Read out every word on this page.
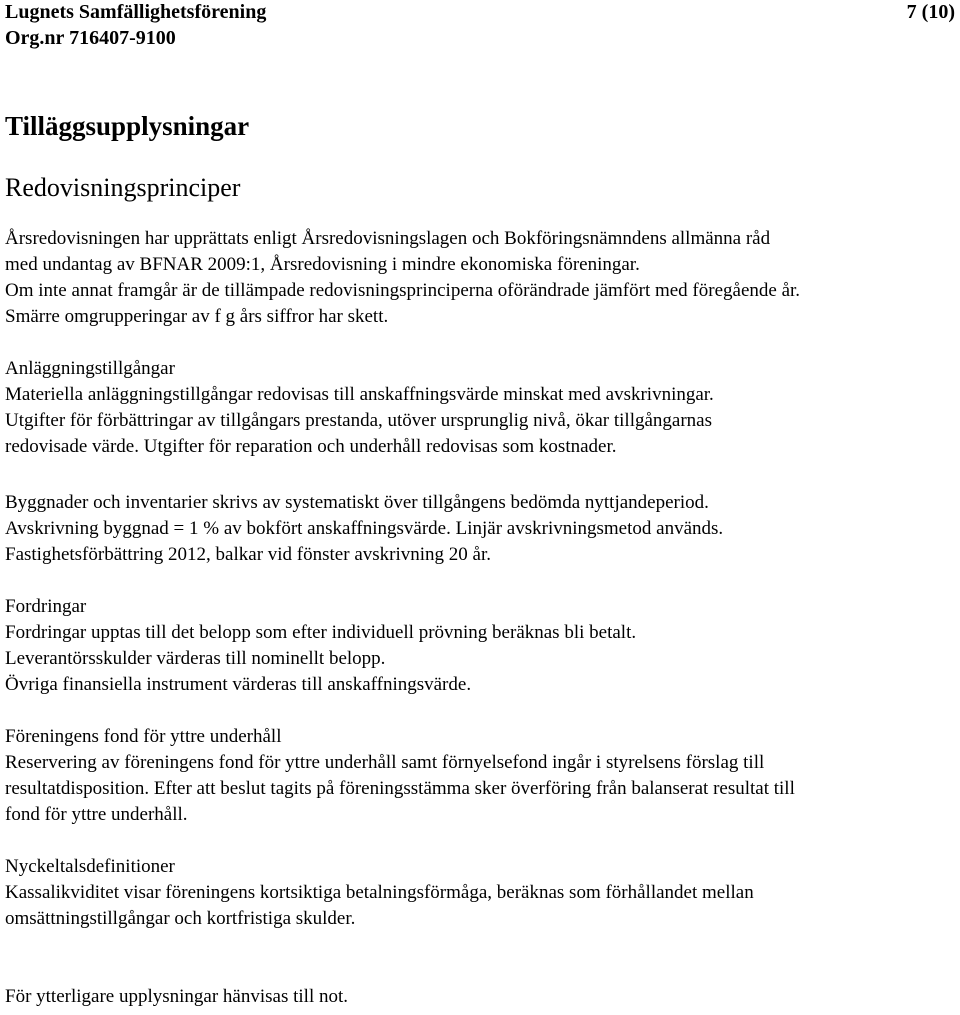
Lugnets Samfällighetsförening
Org.nr 716407-9100
7 (10)
Tilläggsupplysningar
Redovisningsprinciper

Årsredovisningen har upprättats enligt Årsredovisningslagen och Bokföringsnämndens allmänna råd

med undantag av BFNAR 2009:1, Årsredovisning i mindre ekonomiska föreningar.

Om inte annat framgår är de tillämpade redovisningsprinciperna oförändrade jämfört med föregående år.

Smärre omgrupperingar av f g års siffror har skett.

Anläggningstillgångar

Materiella anläggningstillgångar redovisas till anskaffningsvärde minskat med avskrivningar.

Utgifter för förbättringar av tillgångars prestanda, utöver ursprunglig nivå, ökar tillgångarnas

redovisade värde. Utgifter för reparation och underhåll redovisas som kostnader.

Byggnader och inventarier skrivs av systematiskt över tillgångens bedömda nyttjandeperiod.

Avskrivning byggnad = 1 % av bokfört anskaffningsvärde. Linjär avskrivningsmetod används.

Fastighetsförbättring 2012, balkar vid fönster avskrivning 20 år.

Fordringar

Fordringar upptas till det belopp som efter individuell prövning beräknas bli betalt.

Leverantörsskulder värderas till nominellt belopp.

Övriga finansiella instrument värderas till anskaffningsvärde.

Föreningens fond för yttre underhåll

Reservering av föreningens fond för yttre underhåll samt förnyelsefond ingår i styrelsens förslag till

resultatdisposition. Efter att beslut tagits på föreningsstämma sker överföring från balanserat resultat till

fond för yttre underhåll.

Nyckeltalsdefinitioner

Kassalikviditet visar föreningens kortsiktiga betalningsförmåga, beräknas som förhållandet mellan

omsättningstillgångar och kortfristiga skulder.

För ytterligare upplysningar hänvisas till not.
